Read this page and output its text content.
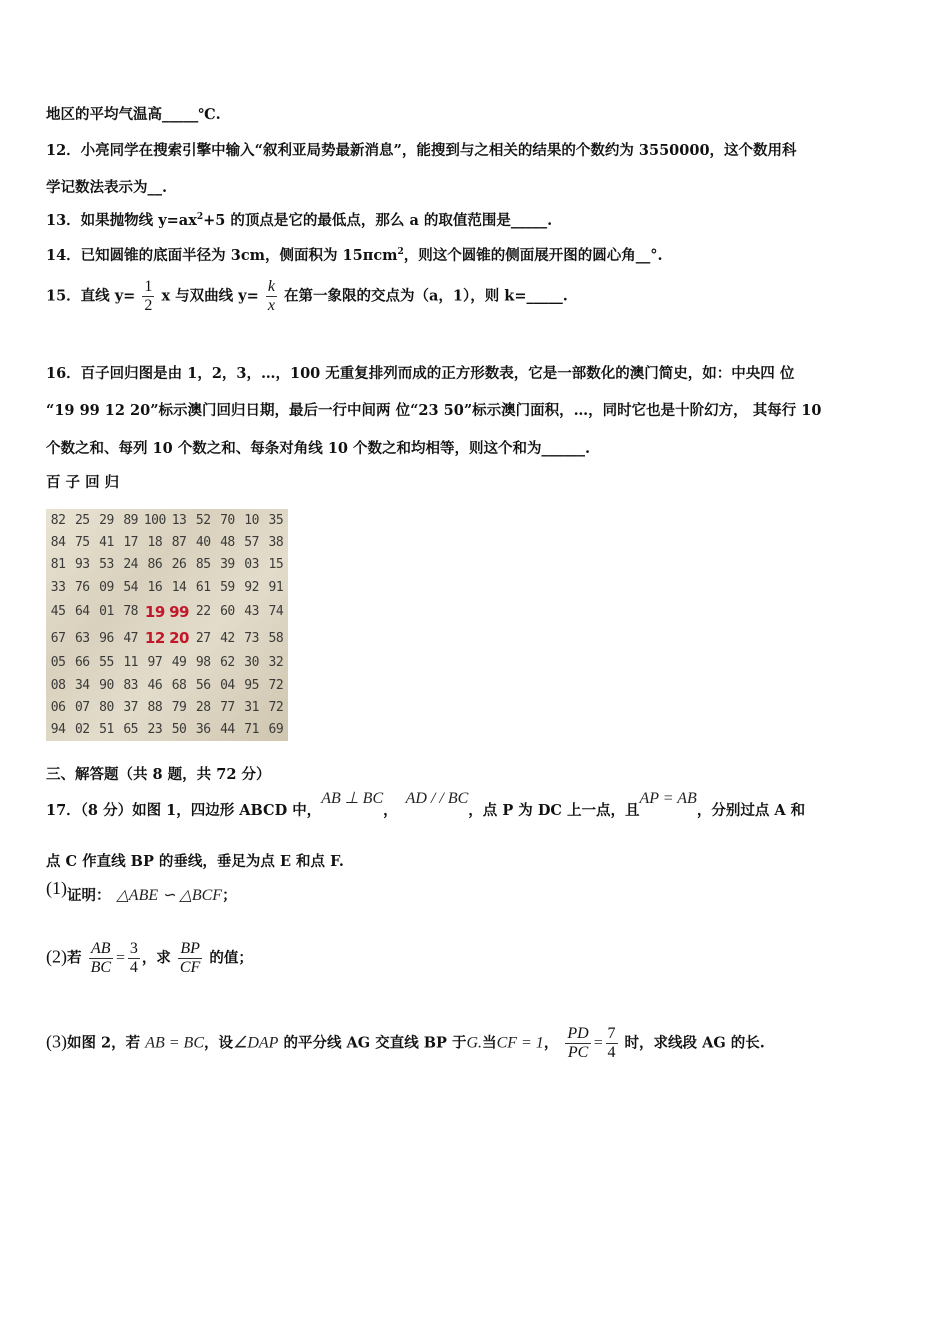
地区的平均气温高_____℃.
12．小亮同学在搜索引擎中输入“叙利亚局势最新消息”，能搜到与之相关的结果的个数约为 3550000，这个数用科
学记数法表示为__.
13．如果抛物线 $y=ax^2+5$ 的顶点是它的最低点，那么 a 的取值范围是_____.
14．已知圆锥的底面半径为 3cm，侧面积为 15πcm$^2$，则这个圆锥的侧面展开图的圆心角__°.
15．直线 $y= \frac{1}{2}$ x 与双曲线 $y= \frac{k}{x}$ 在第一象限的交点为（a，1），则 k=_____.
16．百子回归图是由 1，2，3，…，100 无重复排列而成的正方形数表，它是一部数化的澳门简史，如：中央四 位
“19 99 12 20”标示澳门回归日期，最后一行中间两 位“23 50”标示澳门面积，…，同时它也是十阶幻方， 其每行 10
个数之和、每列 10 个数之和、每条对角线 10 个数之和均相等，则这个和为______.
百 子 回 归
82	25	29	89	100	13	52	70	10	35
84	75	41	17	18	87	40	48	57	38
81	93	53	24	86	26	85	39	03	15
33	76	09	54	16	14	61	59	92	91
45	64	01	78	19	99	22	60	43	74
67	63	96	47	12	20	27	42	73	58
05	66	55	11	97	49	98	62	30	32
08	34	90	83	46	68	56	04	95	72
06	07	80	37	88	79	28	77	31	72
94	02	51	65	23	50	36	44	71	69
三、解答题（共 8 题，共 72 分）
17．（8 分）如图 1，四边形 ABCD 中，AB ⊥ BC，AD / / BC，点 P 为 DC 上一点，且AP = AB，分别过点 A 和
点 C 作直线 BP 的垂线，垂足为点 E 和点 F.
(1)证明： △ABE ∽ △BCF；
(2)若 $\frac{AB}{BC} = \frac{3}{4}$ ，求 $\frac{BP}{CF}$ 的值；
(3)如图 2，若 AB = BC，设∠DAP 的平分线 AG 交直线 BP 于G.当CF = 1， $\frac{PD}{PC} = \frac{7}{4}$ 时，求线段 AG 的长.
